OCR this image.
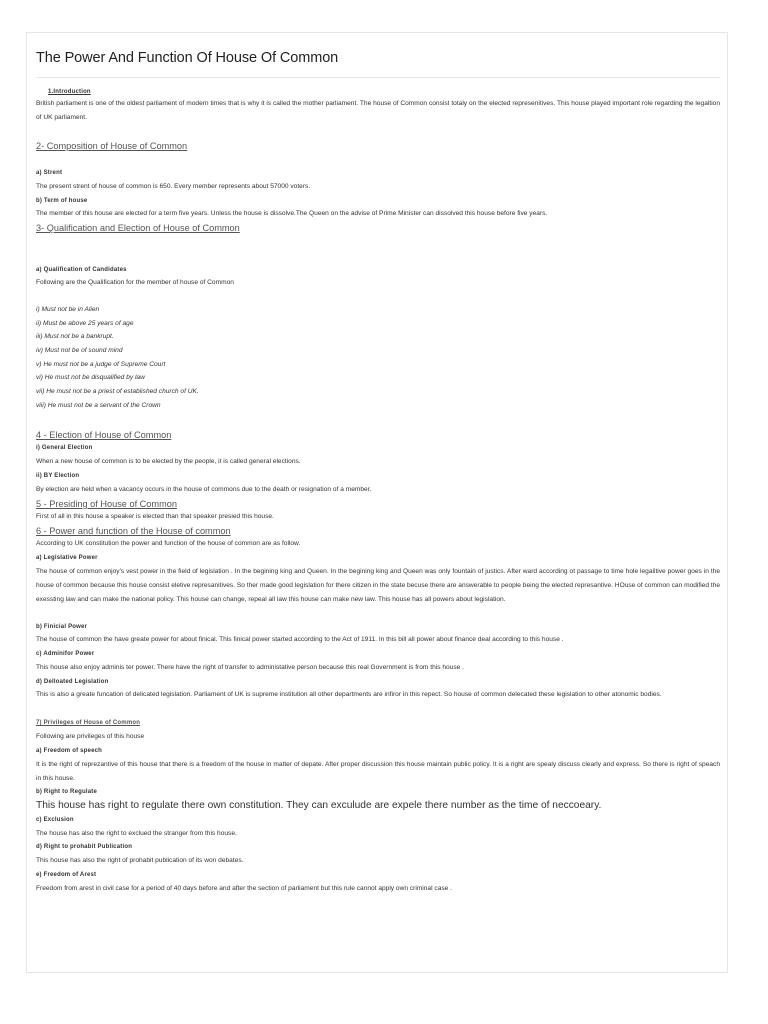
The Power And Function Of House Of Common
1.Introduction
British parliament is one of the oldest parliament of modern times that is why it is called the mother parliament. The house of Common consist totaly on the elected represenitives. This house played important role regarding the legaltion of UK parliament.
2- Composition of House of Common
a) Strent
The present strent of house of common is 650. Every member represents about 57000 voters.
b) Term of house
The member of this house are elected for a term five years. Unless the house is dissolve.The Queen on the advise of Prime Minister can dissolved this house before five years.
3- Qualification and Election of House of Common
a) Qualification of Candidates
Following are the Qualification for the member of house of Common
i) Must not be in Alien
ii) Must be above 25 years of age
iii) Must not be a bankrupt.
iv) Must not be of sound mind
v) He must not be a judge of Supreme Court
vi) He must not be disqualified by law
vii) He must not be a priest of established church of UK.
viii) He must not be a servant of the Crown
4 - Election of House of Common
i) General Election
When a new house of common is to be elected by the people, it is called general elections.
ii) BY Election
By election are held when a vacancy occurs in the house of commons due to the death or resignation of a member.
5 - Presiding of House of Common
First of all in this house a speaker is elected than that speaker presied this house.
6 - Power and function of the House of common
According to UK constitution the power and function of the house of common are as follow.
a) Legislative Power
The house of common enjoy's vest power in the field of legislation . In the begining king and Queen. In the begining king and Queen was only fountain of justics. After ward according ot passage to time hole legalitive power goes in the house of common because this house consist eletive represanitives. So ther made good legislation for there citizen in the state becuse there are answerable to people being the elected represantive. HOuse of common can modified the exessting law and can make the national policy. This house can change, repeal all law this house can make new law. This house has all powers about legislation.
b) Finicial Power
The house of common the have greate power for about finical. This finical power started according to the Act of 1911. In this bill all power about finance deal according to this house .
c) Adminifor Power
This house also enjoy adminis ter power. There have the right of transfer to administative person because this real Government is from this house .
d) Delloated Legislation
This is also a greate funcation of delicated legislation. Parliament of UK is supreme institution all other departments are infiror in this repect. So house of common delecated these legislation to other atonomic bodies.
7) Privileges of House of Common
Following are privileges of this house
a) Freedom of speech
It is the right of reprezantive of this house that there is a freedom of the house in matter of depate. After proper discussion this house maintain public policy. It is a right are spealy discuss clearly and express. So there is right of speach in this house.
b) Right to Regulate
This house has right to regulate there own constitution. They can exculude are expele there number as the time of neccoeary.
c) Exclusion
The house has also the right to exclued the stranger from this house.
d) Right to prohabit Publication
This house has also the right of prohabit publication of its won debates.
e) Freedom of Arest
Freedom from arest in civil case for a period of 40 days before and after the section of parliament but this rule cannot apply own criminal case .
